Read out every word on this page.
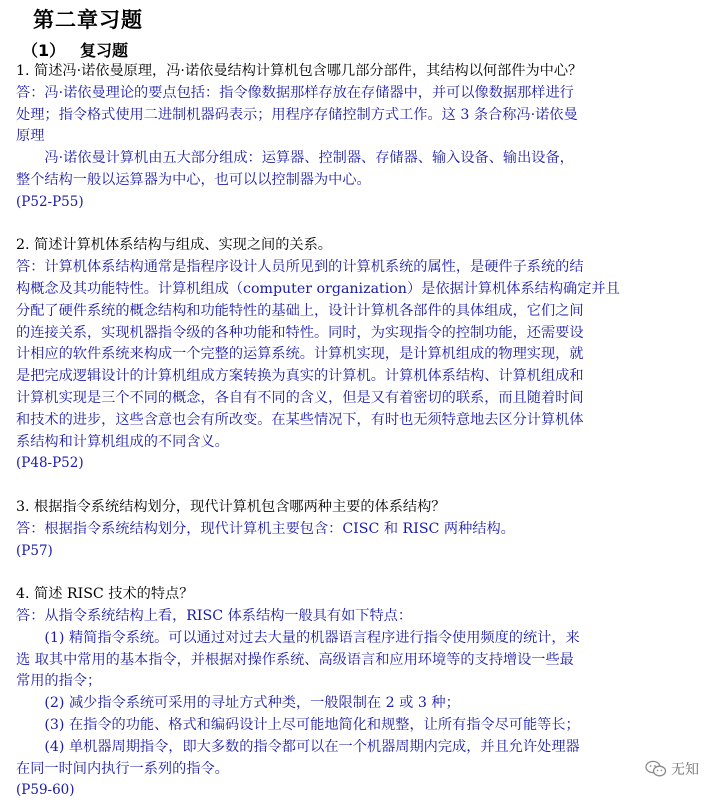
第二章习题
（1） 复习题
1. 简述冯·诺依曼原理，冯·诺依曼结构计算机包含哪几部分部件，其结构以何部件为中心？
答：冯·诺依曼理论的要点包括：指令像数据那样存放在存储器中，并可以像数据那样进行
处理；指令格式使用二进制机器码表示；用程序存储控制方式工作。这 3 条合称冯·诺依曼
原理
　　冯·诺依曼计算机由五大部分组成：运算器、控制器、存储器、输入设备、输出设备，
整个结构一般以运算器为中心，也可以以控制器为中心。
(P52-P55)
2. 简述计算机体系结构与组成、实现之间的关系。
答：计算机体系结构通常是指程序设计人员所见到的计算机系统的属性，是硬件子系统的结
构概念及其功能特性。计算机组成（computer organization）是依据计算机体系结构确定并且
分配了硬件系统的概念结构和功能特性的基础上，设计计算机各部件的具体组成，它们之间
的连接关系，实现机器指令级的各种功能和特性。同时，为实现指令的控制功能，还需要设
计相应的软件系统来构成一个完整的运算系统。计算机实现，是计算机组成的物理实现，就
是把完成逻辑设计的计算机组成方案转换为真实的计算机。计算机体系结构、计算机组成和
计算机实现是三个不同的概念，各自有不同的含义，但是又有着密切的联系，而且随着时间
和技术的进步，这些含意也会有所改变。在某些情况下，有时也无须特意地去区分计算机体
系结构和计算机组成的不同含义。
(P48-P52)
3. 根据指令系统结构划分，现代计算机包含哪两种主要的体系结构？
答：根据指令系统结构划分，现代计算机主要包含：CISC 和 RISC 两种结构。
(P57)
4. 简述 RISC 技术的特点？
答：从指令系统结构上看，RISC 体系结构一般具有如下特点：
　　(1) 精简指令系统。可以通过对过去大量的机器语言程序进行指令使用频度的统计，来
选 取其中常用的基本指令，并根据对操作系统、高级语言和应用环境等的支持增设一些最
常用的指令；
　　(2) 减少指令系统可采用的寻址方式种类，一般限制在 2 或 3 种；
　　(3) 在指令的功能、格式和编码设计上尽可能地简化和规整，让所有指令尽可能等长；
　　(4) 单机器周期指令，即大多数的指令都可以在一个机器周期内完成，并且允许处理器
在同一时间内执行一系列的指令。
(P59-60)
无知
